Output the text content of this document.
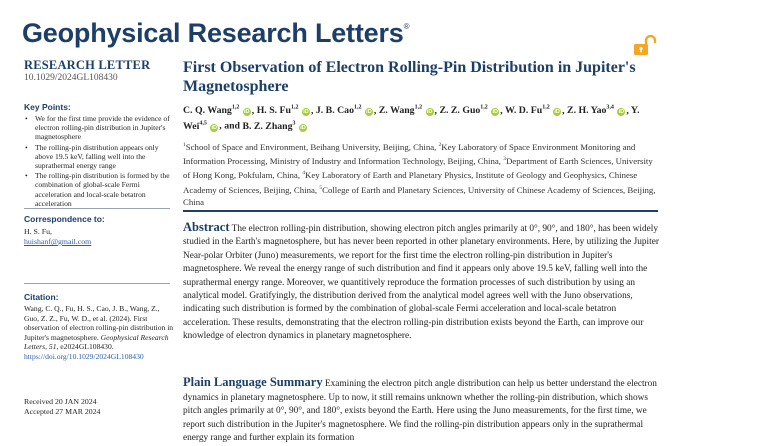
Geophysical Research Letters®
RESEARCH LETTER
10.1029/2024GL108430
Key Points:
• We for the first time provide the evidence of electron rolling-pin distribution in Jupiter's magnetosphere
• The rolling-pin distribution appears only above 19.5 keV, falling well into the suprathermal energy range
• The rolling-pin distribution is formed by the combination of global-scale Fermi acceleration and local-scale betatron acceleration
Correspondence to:
H. S. Fu,
huishanf@gmail.com
Citation:
Wang, C. Q., Fu, H. S., Cao, J. B., Wang, Z., Guo, Z. Z., Fu, W. D., et al. (2024). First observation of electron rolling-pin distribution in Jupiter's magnetosphere. Geophysical Research Letters, 51, e2024GL108430. https://doi.org/10.1029/2024GL108430
Received 20 JAN 2024
Accepted 27 MAR 2024
First Observation of Electron Rolling-Pin Distribution in Jupiter's Magnetosphere
C. Q. Wang$^{1,2}$ iD , H. S. Fu$^{1,2}$ iD , J. B. Cao$^{1,2}$ iD , Z. Wang$^{1,2}$ iD , Z. Z. Guo$^{1,2}$ iD , W. D. Fu$^{1,2}$ iD , Z. H. Yao$^{3,4}$ iD , Y. Wei$^{4,5}$ iD , and B. Z. Zhang$^3$ iD
$^1$School of Space and Environment, Beihang University, Beijing, China, $^2$Key Laboratory of Space Environment Monitoring and Information Processing, Ministry of Industry and Information Technology, Beijing, China, $^3$Department of Earth Sciences, University of Hong Kong, Pokfulam, China, $^4$Key Laboratory of Earth and Planetary Physics, Institute of Geology and Geophysics, Chinese Academy of Sciences, Beijing, China, $^5$College of Earth and Planetary Sciences, University of Chinese Academy of Sciences, Beijing, China
Abstract The electron rolling-pin distribution, showing electron pitch angles primarily at 0°, 90°, and 180°, has been widely studied in the Earth's magnetosphere, but has never been reported in other planetary environments. Here, by utilizing the Jupiter Near-polar Orbiter (Juno) measurements, we report for the first time the electron rolling-pin distribution in Jupiter's magnetosphere. We reveal the energy range of such distribution and find it appears only above 19.5 keV, falling well into the suprathermal energy range. Moreover, we quantitively reproduce the formation processes of such distribution by using an analytical model. Gratifyingly, the distribution derived from the analytical model agrees well with the Juno observations, indicating such distribution is formed by the combination of global-scale Fermi acceleration and local-scale betatron acceleration. These results, demonstrating that the electron rolling-pin distribution exists beyond the Earth, can improve our knowledge of electron dynamics in planetary magnetosphere.
Plain Language Summary Examining the electron pitch angle distribution can help us better understand the electron dynamics in planetary magnetosphere. Up to now, it still remains unknown whether the rolling-pin distribution, which shows pitch angles primarily at 0°, 90°, and 180°, exists beyond the Earth. Here using the Juno measurements, for the first time, we report such distribution in the Jupiter's magnetosphere. We find the rolling-pin distribution appears only in the suprathermal energy range and further explain its formation
